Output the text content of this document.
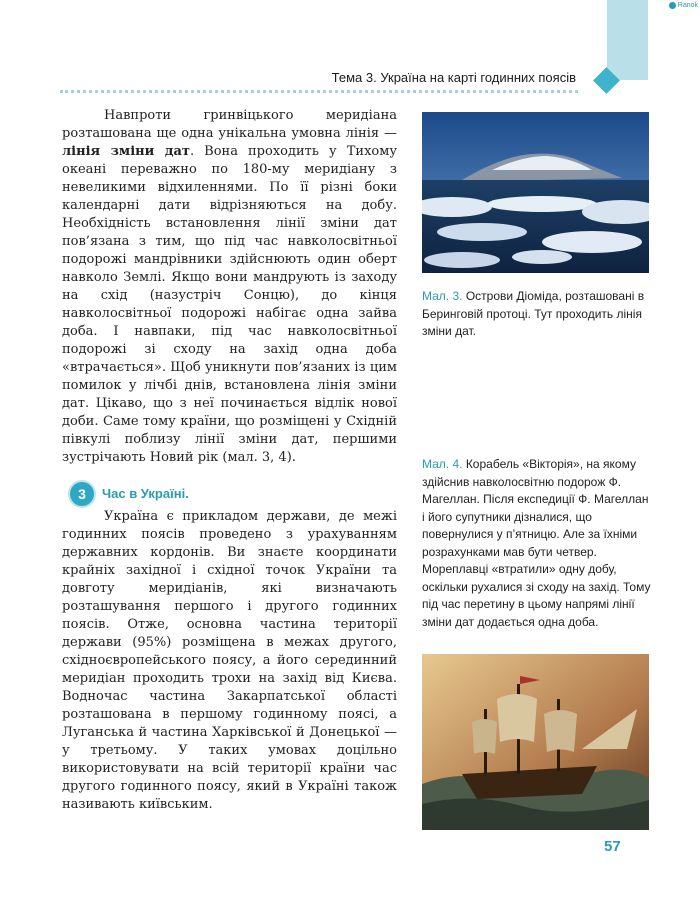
Ranok
Тема 3. Україна на карті годинних поясів

Навпроти гринвіцького меридіана розташована ще одна унікальна умовна лінія — лінія зміни дат. Вона проходить у Тихому океані переважно по 180-му меридіану з невеликими відхиленнями. По її різні боки календарні дати відрізняються на добу. Необхідність встановлення лінії зміни дат пов’язана з тим, що під час навколосвітньої подорожі мандрівники здійснюють один оберт навколо Землі. Якщо вони мандрують із заходу на схід (назустріч Сонцю), до кінця навколосвітньої подорожі набігає одна зайва доба. І навпаки, під час навколосвітньої подорожі зі сходу на захід одна доба «втрачається». Щоб уникнути пов’язаних із цим помилок у лічбі днів, встановлена лінія зміни дат. Цікаво, що з неї починається відлік нової доби. Саме тому країни, що розміщені у Східній півкулі поблизу лінії зміни дат, першими зустрічають Новий рік (мал. 3, 4).

3	Час в Україні.

Україна є прикладом держави, де межі годинних поясів проведено з урахуванням державних кордонів. Ви знаєте координати крайніх західної і східної точок України та довготу меридіанів, які визначають розташування першого і другого годинних поясів. Отже, основна частина території держави (95%) розміщена в межах другого, східноєвропейського поясу, а його серединний меридіан проходить трохи на захід від Києва. Водночас частина Закарпатської області розташована в першому годинному поясі, а Луганська й частина Харківської й Донецької — у третьому. У таких умовах доцільно використовувати на всій території країни час другого годинного поясу, який в Україні також називають київським.

Мал. 3. Острови Діоміда, розташовані в Беринговій протоці. Тут проходить лінія зміни дат.
Мал. 4. Корабель «Вікторія», на якому здійснив навколосвітню подорож Ф. Магеллан. Після експедиції Ф. Магеллан і його супутники дізналися, що повернулися у п’ятницю. Але за їхніми розрахунками мав бути четвер. Мореплавці «втратили» одну добу, оскільки рухалися зі сходу на захід. Тому під час перетину в цьому напрямі лінії зміни дат додається одна доба.
57
